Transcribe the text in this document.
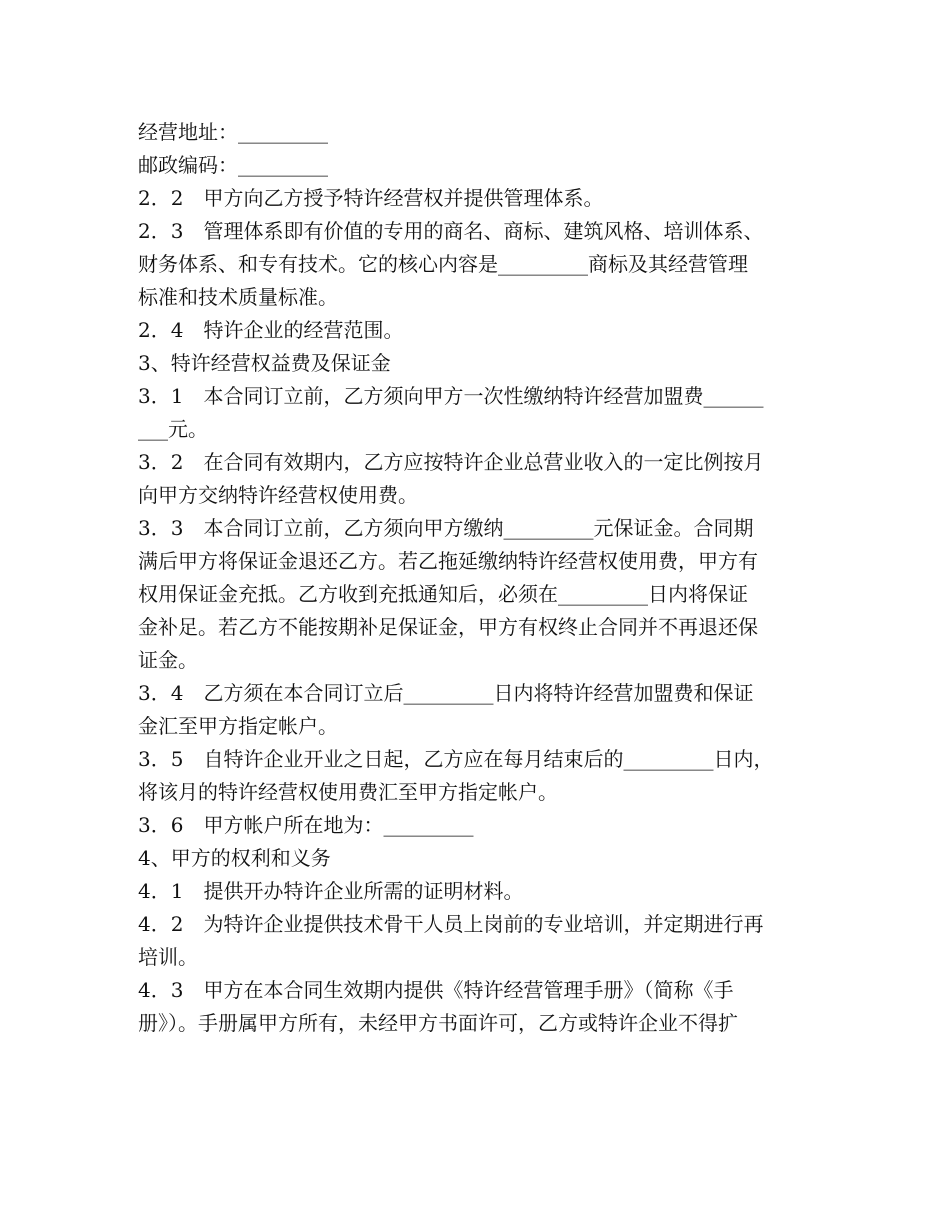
经营地址：_________
邮政编码：_________
2．2　甲方向乙方授予特许经营权并提供管理体系。
2．3　管理体系即有价值的专用的商名、商标、建筑风格、培训体系、
财务体系、和专有技术。它的核心内容是_________商标及其经营管理
标准和技术质量标准。
2．4　特许企业的经营范围。
3、特许经营权益费及保证金
3．1　本合同订立前，乙方须向甲方一次性缴纳特许经营加盟费______
___元。
3．2　在合同有效期内，乙方应按特许企业总营业收入的一定比例按月
向甲方交纳特许经营权使用费。
3．3　本合同订立前，乙方须向甲方缴纳_________元保证金。合同期
满后甲方将保证金退还乙方。若乙拖延缴纳特许经营权使用费，甲方有
权用保证金充抵。乙方收到充抵通知后，必须在_________日内将保证
金补足。若乙方不能按期补足保证金，甲方有权终止合同并不再退还保
证金。
3．4　乙方须在本合同订立后_________日内将特许经营加盟费和保证
金汇至甲方指定帐户。
3．5　自特许企业开业之日起，乙方应在每月结束后的_________日内，
将该月的特许经营权使用费汇至甲方指定帐户。
3．6　甲方帐户所在地为：_________
4、甲方的权利和义务
4．1　提供开办特许企业所需的证明材料。
4．2　为特许企业提供技术骨干人员上岗前的专业培训，并定期进行再
培训。
4．3　甲方在本合同生效期内提供《特许经营管理手册》（简称《手
册》）。手册属甲方所有，未经甲方书面许可，乙方或特许企业不得扩
